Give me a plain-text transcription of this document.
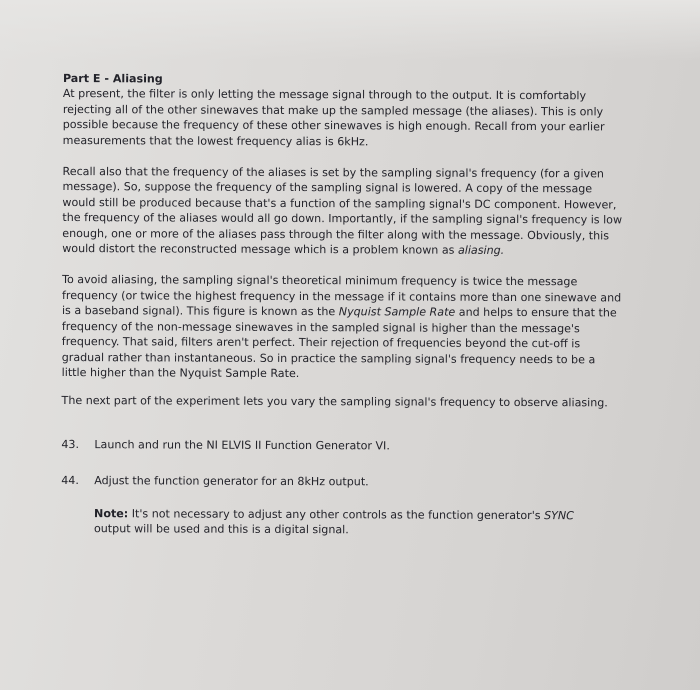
Part E - Aliasing

At present, the filter is only letting the message signal through to the output. It is comfortably rejecting all of the other sinewaves that make up the sampled message (the aliases). This is only possible because the frequency of these other sinewaves is high enough. Recall from your earlier measurements that the lowest frequency alias is 6kHz.

Recall also that the frequency of the aliases is set by the sampling signal's frequency (for a given message). So, suppose the frequency of the sampling signal is lowered. A copy of the message would still be produced because that's a function of the sampling signal's DC component. However, the frequency of the aliases would all go down. Importantly, if the sampling signal's frequency is low enough, one or more of the aliases pass through the filter along with the message. Obviously, this would distort the reconstructed message which is a problem known as aliasing.

To avoid aliasing, the sampling signal's theoretical minimum frequency is twice the message frequency (or twice the highest frequency in the message if it contains more than one sinewave and is a baseband signal). This figure is known as the Nyquist Sample Rate and helps to ensure that the frequency of the non-message sinewaves in the sampled signal is higher than the message's frequency. That said, filters aren't perfect. Their rejection of frequencies beyond the cut-off is gradual rather than instantaneous. So in practice the sampling signal's frequency needs to be a little higher than the Nyquist Sample Rate.

The next part of the experiment lets you vary the sampling signal's frequency to observe aliasing.

43.	Launch and run the NI ELVIS II Function Generator VI.
44.	Adjust the function generator for an 8kHz output.

Note: It's not necessary to adjust any other controls as the function generator's SYNC output will be used and this is a digital signal.
